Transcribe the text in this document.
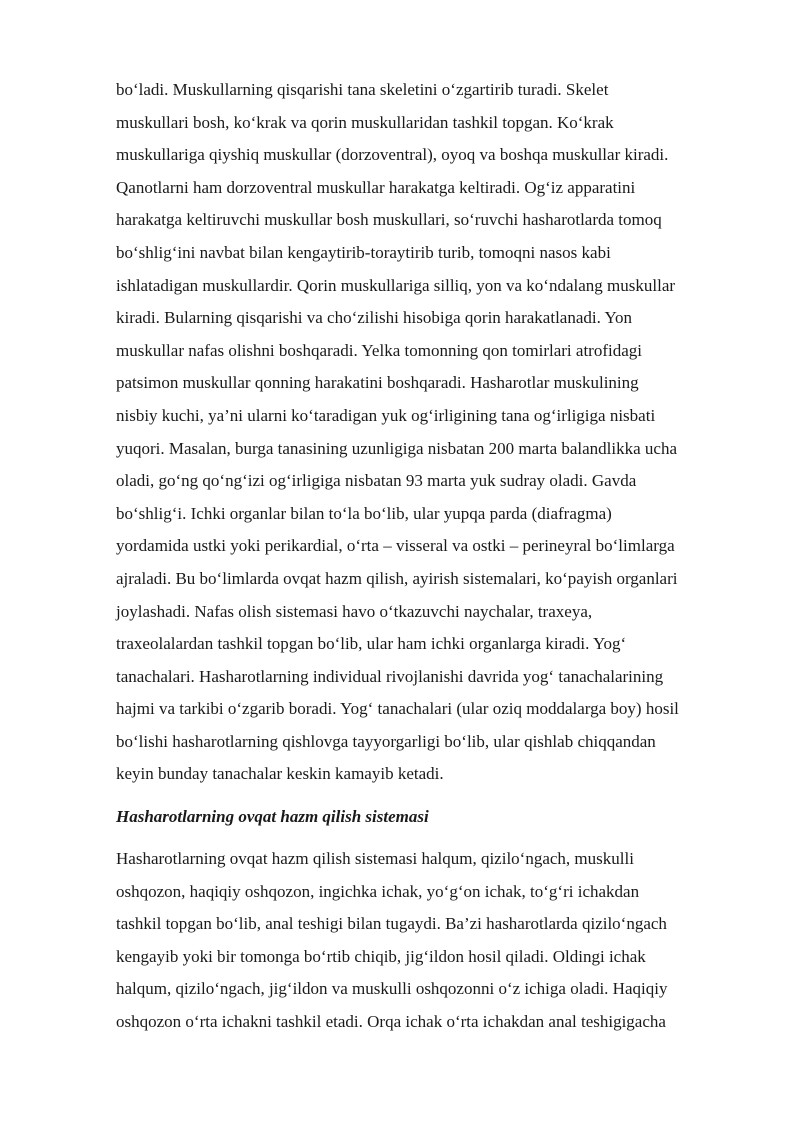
bo‘ladi. Muskullarning qisqarishi tana skeletini o‘zgartirib turadi. Skelet
muskullari bosh, ko‘krak va qorin muskullaridan tashkil topgan. Ko‘krak
muskullariga qiyshiq muskullar (dorzoventral), oyoq va boshqa muskullar kiradi.
Qanotlarni ham dorzoventral muskullar harakatga keltiradi. Og‘iz apparatini
harakatga keltiruvchi muskullar bosh muskullari, so‘ruvchi hasharotlarda tomoq
bo‘shlig‘ini navbat bilan kengaytirib-toraytirib turib, tomoqni nasos kabi
ishlatadigan muskullardir. Qorin muskullariga silliq, yon va ko‘ndalang muskullar
kiradi. Bularning qisqarishi va cho‘zilishi hisobiga qorin harakatlanadi. Yon
muskullar nafas olishni boshqaradi. Yelka tomonning qon tomirlari atrofidagi
patsimon muskullar qonning harakatini boshqaradi. Hasharotlar muskulining
nisbiy kuchi, ya’ni ularni ko‘taradigan yuk og‘irligining tana og‘irligiga nisbati
yuqori. Masalan, burga tanasining uzunligiga nisbatan 200 marta balandlikka ucha
oladi, go‘ng qo‘ng‘izi og‘irligiga nisbatan 93 marta yuk sudray oladi. Gavda
bo‘shlig‘i. Ichki organlar bilan to‘la bo‘lib, ular yupqa parda (diafragma)
yordamida ustki yoki perikardial, o‘rta – visseral va ostki – perineyral bo‘limlarga
ajraladi. Bu bo‘limlarda ovqat hazm qilish, ayirish sistemalari, ko‘payish organlari
joylashadi. Nafas olish sistemasi havo o‘tkazuvchi naychalar, traxeya,
traxeolalardan tashkil topgan bo‘lib, ular ham ichki organlarga kiradi. Yog‘
tanachalari. Hasharotlarning individual rivojlanishi davrida yog‘ tanachalarining
hajmi va tarkibi o‘zgarib boradi. Yog‘ tanachalari (ular oziq moddalarga boy) hosil
bo‘lishi hasharotlarning qishlovga tayyorgarligi bo‘lib, ular qishlab chiqqandan
keyin bunday tanachalar keskin kamayib ketadi.
Hasharotlarning ovqat hazm qilish sistemasi
Hasharotlarning ovqat hazm qilish sistemasi halqum, qizilo‘ngach, muskulli
oshqozon, haqiqiy oshqozon, ingichka ichak, yo‘g‘on ichak, to‘g‘ri ichakdan
tashkil topgan bo‘lib, anal teshigi bilan tugaydi. Ba’zi hasharotlarda qizilo‘ngach
kengayib yoki bir tomonga bo‘rtib chiqib, jig‘ildon hosil qiladi. Oldingi ichak
halqum, qizilo‘ngach, jig‘ildon va muskulli oshqozonni o‘z ichiga oladi. Haqiqiy
oshqozon o‘rta ichakni tashkil etadi. Orqa ichak o‘rta ichakdan anal teshigigacha
